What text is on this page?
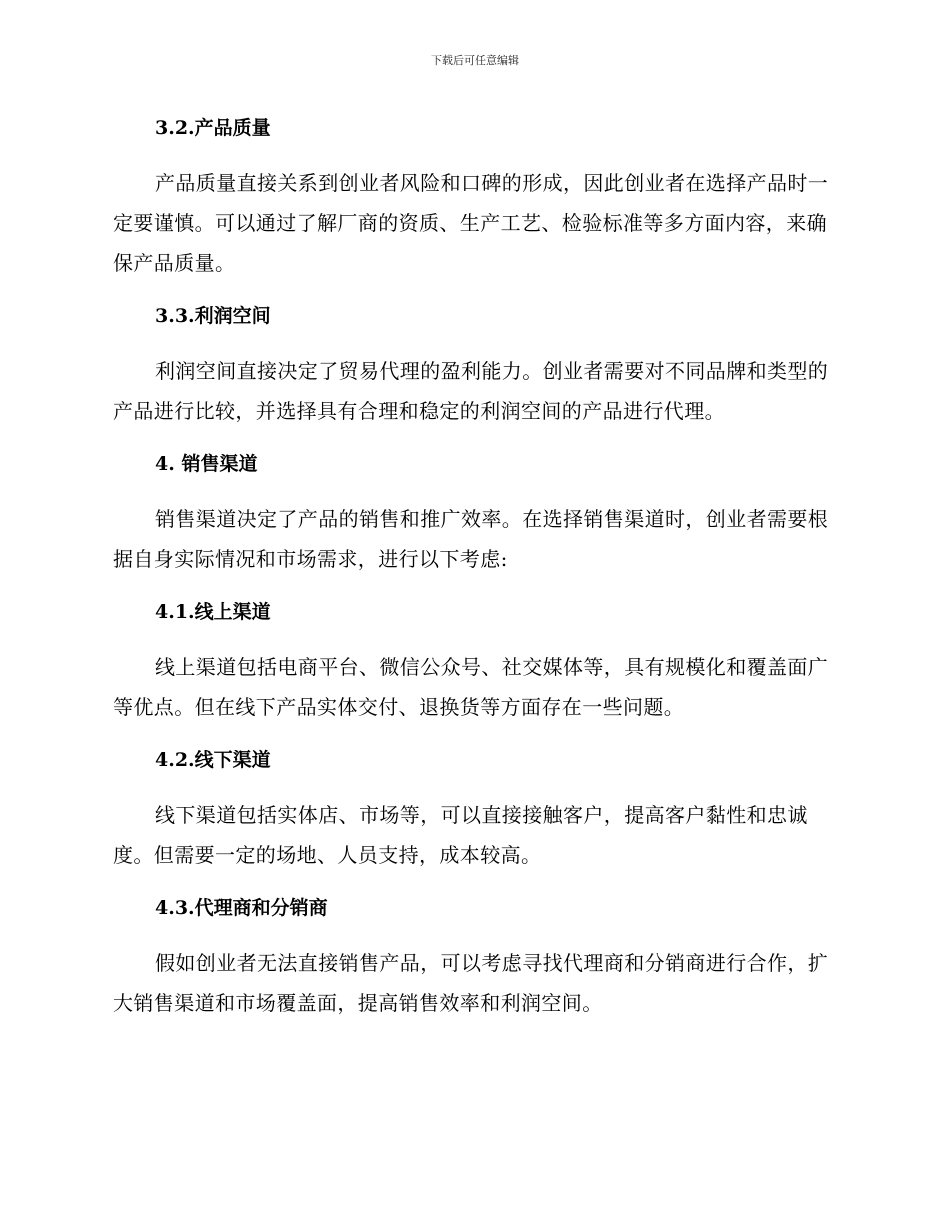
下载后可任意编辑
3.2.产品质量

产品质量直接关系到创业者风险和口碑的形成，因此创业者在选择产品时一定要谨慎。可以通过了解厂商的资质、生产工艺、检验标准等多方面内容，来确保产品质量。

3.3.利润空间

利润空间直接决定了贸易代理的盈利能力。创业者需要对不同品牌和类型的产品进行比较，并选择具有合理和稳定的利润空间的产品进行代理。

4. 销售渠道

销售渠道决定了产品的销售和推广效率。在选择销售渠道时，创业者需要根据自身实际情况和市场需求，进行以下考虑:

4.1.线上渠道

线上渠道包括电商平台、微信公众号、社交媒体等，具有规模化和覆盖面广等优点。但在线下产品实体交付、退换货等方面存在一些问题。

4.2.线下渠道

线下渠道包括实体店、市场等，可以直接接触客户，提高客户黏性和忠诚度。但需要一定的场地、人员支持，成本较高。

4.3.代理商和分销商

假如创业者无法直接销售产品，可以考虑寻找代理商和分销商进行合作，扩大销售渠道和市场覆盖面，提高销售效率和利润空间。
